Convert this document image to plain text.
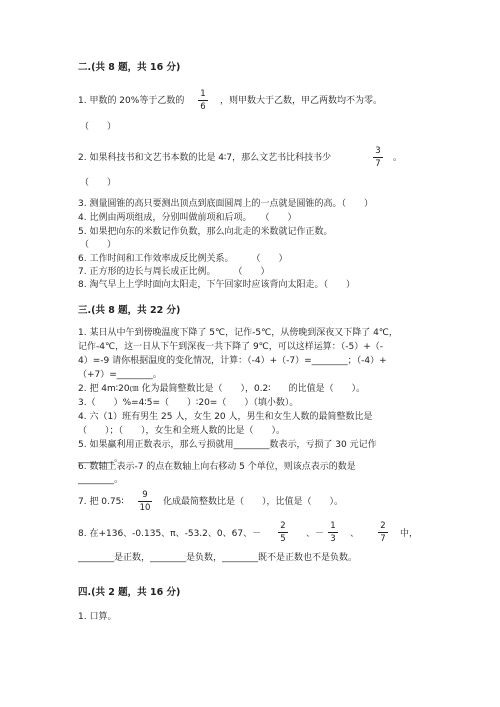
二.(共 8 题，共 16 分)
1. 甲数的 20%等于乙数的
1
6
，则甲数大于乙数，甲乙两数均不为零。
（　　）
2. 如果科技书和文艺书本数的比是 4∶7，那么文艺书比科技书少
3
7
。
（　　）
3. 测量圆锥的高只要测出顶点到底面圆周上的一点就是圆锥的高。（　　）
4. 比例由两项组成，分别叫做前项和后项。　　（　　）
5. 如果把向东的米数记作负数，那么向北走的米数就记作正数。
（　　）
6. 工作时间和工作效率成反比例关系。　　　（　　）
7. 正方形的边长与周长成正比例。　　　（　　）
8. 淘气早上上学时面向太阳走，下午回家时应该背向太阳走。（　　）
三.(共 8 题，共 22 分)
1. 某日从中午到傍晚温度下降了 5℃，记作-5℃，从傍晚到深夜又下降了 4℃，
记作-4℃，这一日从下午到深夜一共下降了 9℃，可以这样运算：（-5）+（-
4）=-9 请你根据温度的变化情况，计算：（-4）+（-7）=________；（-4）+
（+7）=________。
2. 把 4m∶20㎝ 化为最简整数比是（　　），0.2∶　　的比值是（　　）。
3.（　　）%=4∶5=（　　）∶20=（　　）（填小数）。
4. 六（1）班有男生 25 人，女生 20 人，男生和女生人数的最简整数比是
（　　）；（　　），女生和全班人数的比是（　　）。
5. 如果赢利用正数表示，那么亏损就用________数表示，亏损了 30 元记作
________。
6. 数轴上表示-7 的点在数轴上向右移动 5 个单位，则该点表示的数是
________。
7. 把 0.75∶
9
10
化成最简整数比是（　　），比值是（　　）。
8. 在+136、-0.135、π、-53.2、0、67、－
2
5 、－
1
3 、
2
7 中，
________是正数，________是负数，________既不是正数也不是负数。
四.(共 2 题，共 16 分)
1. 口算。
